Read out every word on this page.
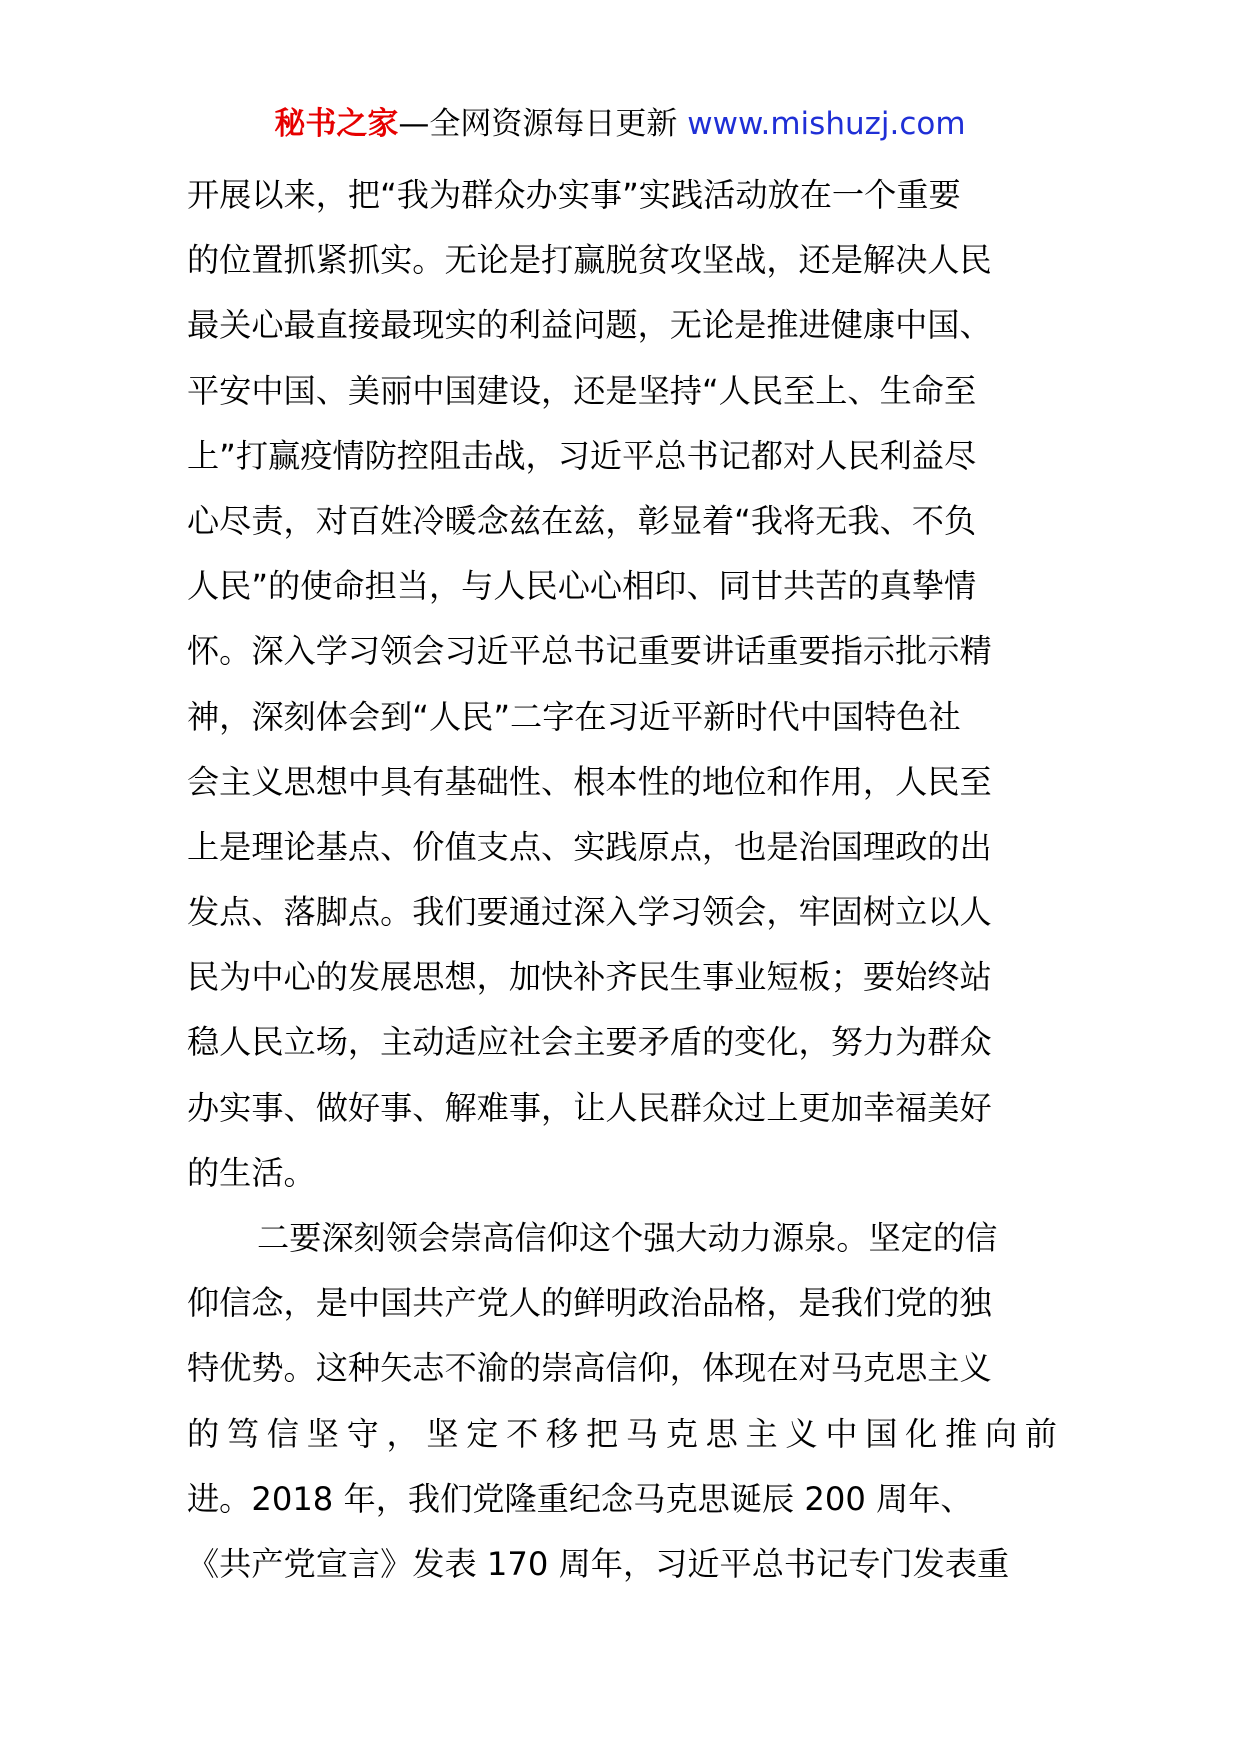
秘书之家—全网资源每日更新 www.mishuzj.com
开展以来，把“我为群众办实事”实践活动放在一个重要
的位置抓紧抓实。无论是打赢脱贫攻坚战，还是解决人民
最关心最直接最现实的利益问题，无论是推进健康中国、
平安中国、美丽中国建设，还是坚持“人民至上、生命至
上”打赢疫情防控阻击战，习近平总书记都对人民利益尽
心尽责，对百姓冷暖念兹在兹，彰显着“我将无我、不负
人民”的使命担当，与人民心心相印、同甘共苦的真挚情
怀。深入学习领会习近平总书记重要讲话重要指示批示精
神，深刻体会到“人民”二字在习近平新时代中国特色社
会主义思想中具有基础性、根本性的地位和作用，人民至
上是理论基点、价值支点、实践原点，也是治国理政的出
发点、落脚点。我们要通过深入学习领会，牢固树立以人
民为中心的发展思想，加快补齐民生事业短板；要始终站
稳人民立场，主动适应社会主要矛盾的变化，努力为群众
办实事、做好事、解难事，让人民群众过上更加幸福美好
的生活。
二要深刻领会崇高信仰这个强大动力源泉。坚定的信
仰信念，是中国共产党人的鲜明政治品格，是我们党的独
特优势。这种矢志不渝的崇高信仰，体现在对马克思主义
的笃信坚守，坚定不移把马克思主义中国化推向前
进。2018 年，我们党隆重纪念马克思诞辰 200 周年、
《共产党宣言》发表 170 周年，习近平总书记专门发表重
